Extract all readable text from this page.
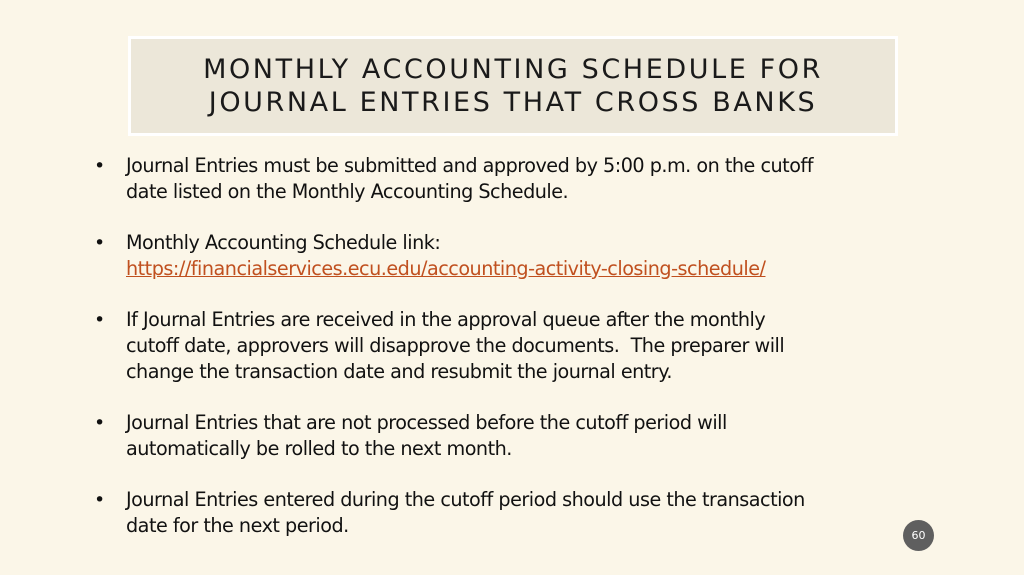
MONTHLY ACCOUNTING SCHEDULE FOR
JOURNAL ENTRIES THAT CROSS BANKS
• Journal Entries must be submitted and approved by 5:00 p.m. on the cutoff
date listed on the Monthly Accounting Schedule.
• Monthly Accounting Schedule link:
https://financialservices.ecu.edu/accounting-activity-closing-schedule/
• If Journal Entries are received in the approval queue after the monthly
cutoff date, approvers will disapprove the documents.  The preparer will
change the transaction date and resubmit the journal entry.
• Journal Entries that are not processed before the cutoff period will
automatically be rolled to the next month.
• Journal Entries entered during the cutoff period should use the transaction
date for the next period.	60
